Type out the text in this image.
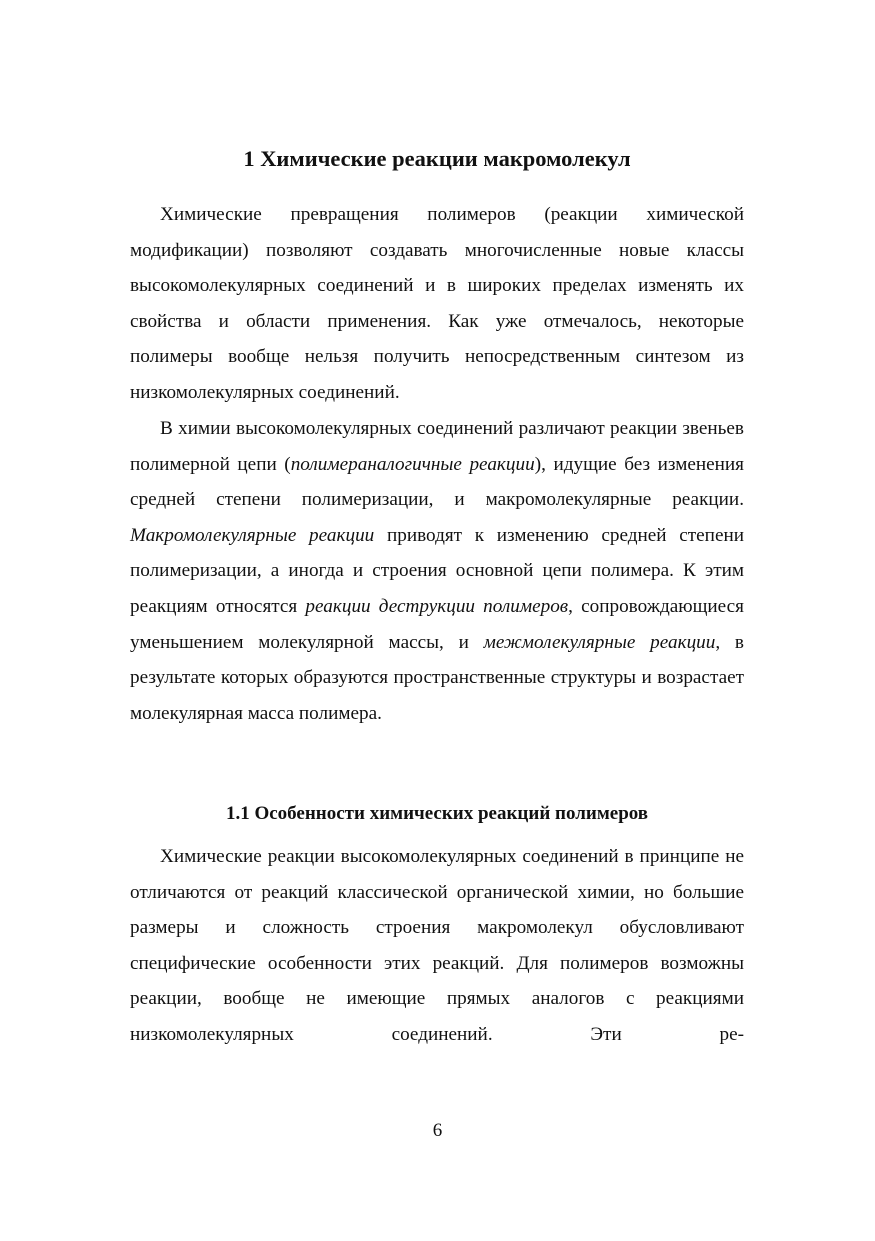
1 Химические реакции макромолекул

Химические превращения полимеров (реакции химической модификации) позволяют создавать многочисленные новые классы высокомолекулярных соединений и в широких пределах изменять их свойства и области применения. Как уже отмечалось, некоторые полимеры вообще нельзя получить непосредственным синтезом из низкомолекулярных соединений.

В химии высокомолекулярных соединений различают реакции звеньев полимерной цепи (полимераналогичные реакции), идущие без изменения средней степени полимеризации, и макромолекулярные реакции. Макромолекулярные реакции приводят к изменению средней степени полимеризации, а иногда и строения основной цепи полимера. К этим реакциям относятся реакции деструкции полимеров, сопровождающиеся уменьшением молекулярной массы, и межмолекулярные реакции, в результате которых образуются пространственные структуры и возрастает молекулярная масса полимера.

1.1 Особенности химических реакций полимеров

Химические реакции высокомолекулярных соединений в принципе не отличаются от реакций классической органической химии, но большие размеры и сложность строения макромолекул обусловливают специфические особенности этих реакций. Для полимеров возможны реакции, вообще не имеющие прямых аналогов с реакциями низкомолекулярных соединений. Эти ре-

6
